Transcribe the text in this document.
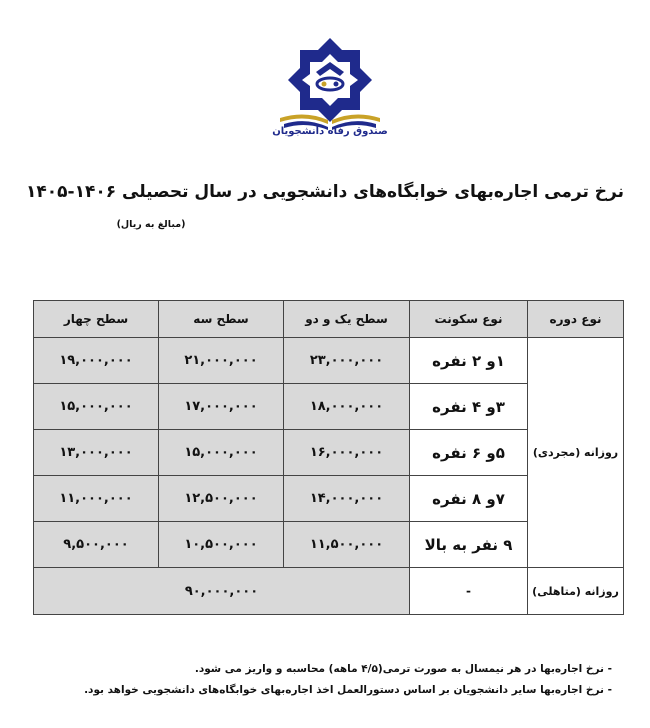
صندوق رفاه دانشجویان
نرخ ترمی اجاره‌بهای خوابگاه‌های دانشجویی در سال تحصیلی ۱۴۰۶-۱۴۰۵
(مبالغ به ریال)
نوع دوره	نوع سکونت	سطح یک و دو	سطح سه	سطح چهار
روزانه (مجردی)	۱و ۲ نفره	۲۳,۰۰۰,۰۰۰	۲۱,۰۰۰,۰۰۰	۱۹,۰۰۰,۰۰۰
	۳و ۴ نفره	۱۸,۰۰۰,۰۰۰	۱۷,۰۰۰,۰۰۰	۱۵,۰۰۰,۰۰۰
	۵و ۶ نفره	۱۶,۰۰۰,۰۰۰	۱۵,۰۰۰,۰۰۰	۱۳,۰۰۰,۰۰۰
	۷و ۸ نفره	۱۴,۰۰۰,۰۰۰	۱۲,۵۰۰,۰۰۰	۱۱,۰۰۰,۰۰۰
	۹ نفر به بالا	۱۱,۵۰۰,۰۰۰	۱۰,۵۰۰,۰۰۰	۹,۵۰۰,۰۰۰
روزانه (متاهلی)	-	۹۰,۰۰۰,۰۰۰		
- نرخ اجاره‌بها در هر نیمسال به صورت ترمی(۴/۵ ماهه) محاسبه و واریز می شود.
- نرخ اجاره‌بها سایر دانشجویان بر اساس دستورالعمل اخذ اجاره‌بهای خوابگاه‌های دانشجویی خواهد بود.
